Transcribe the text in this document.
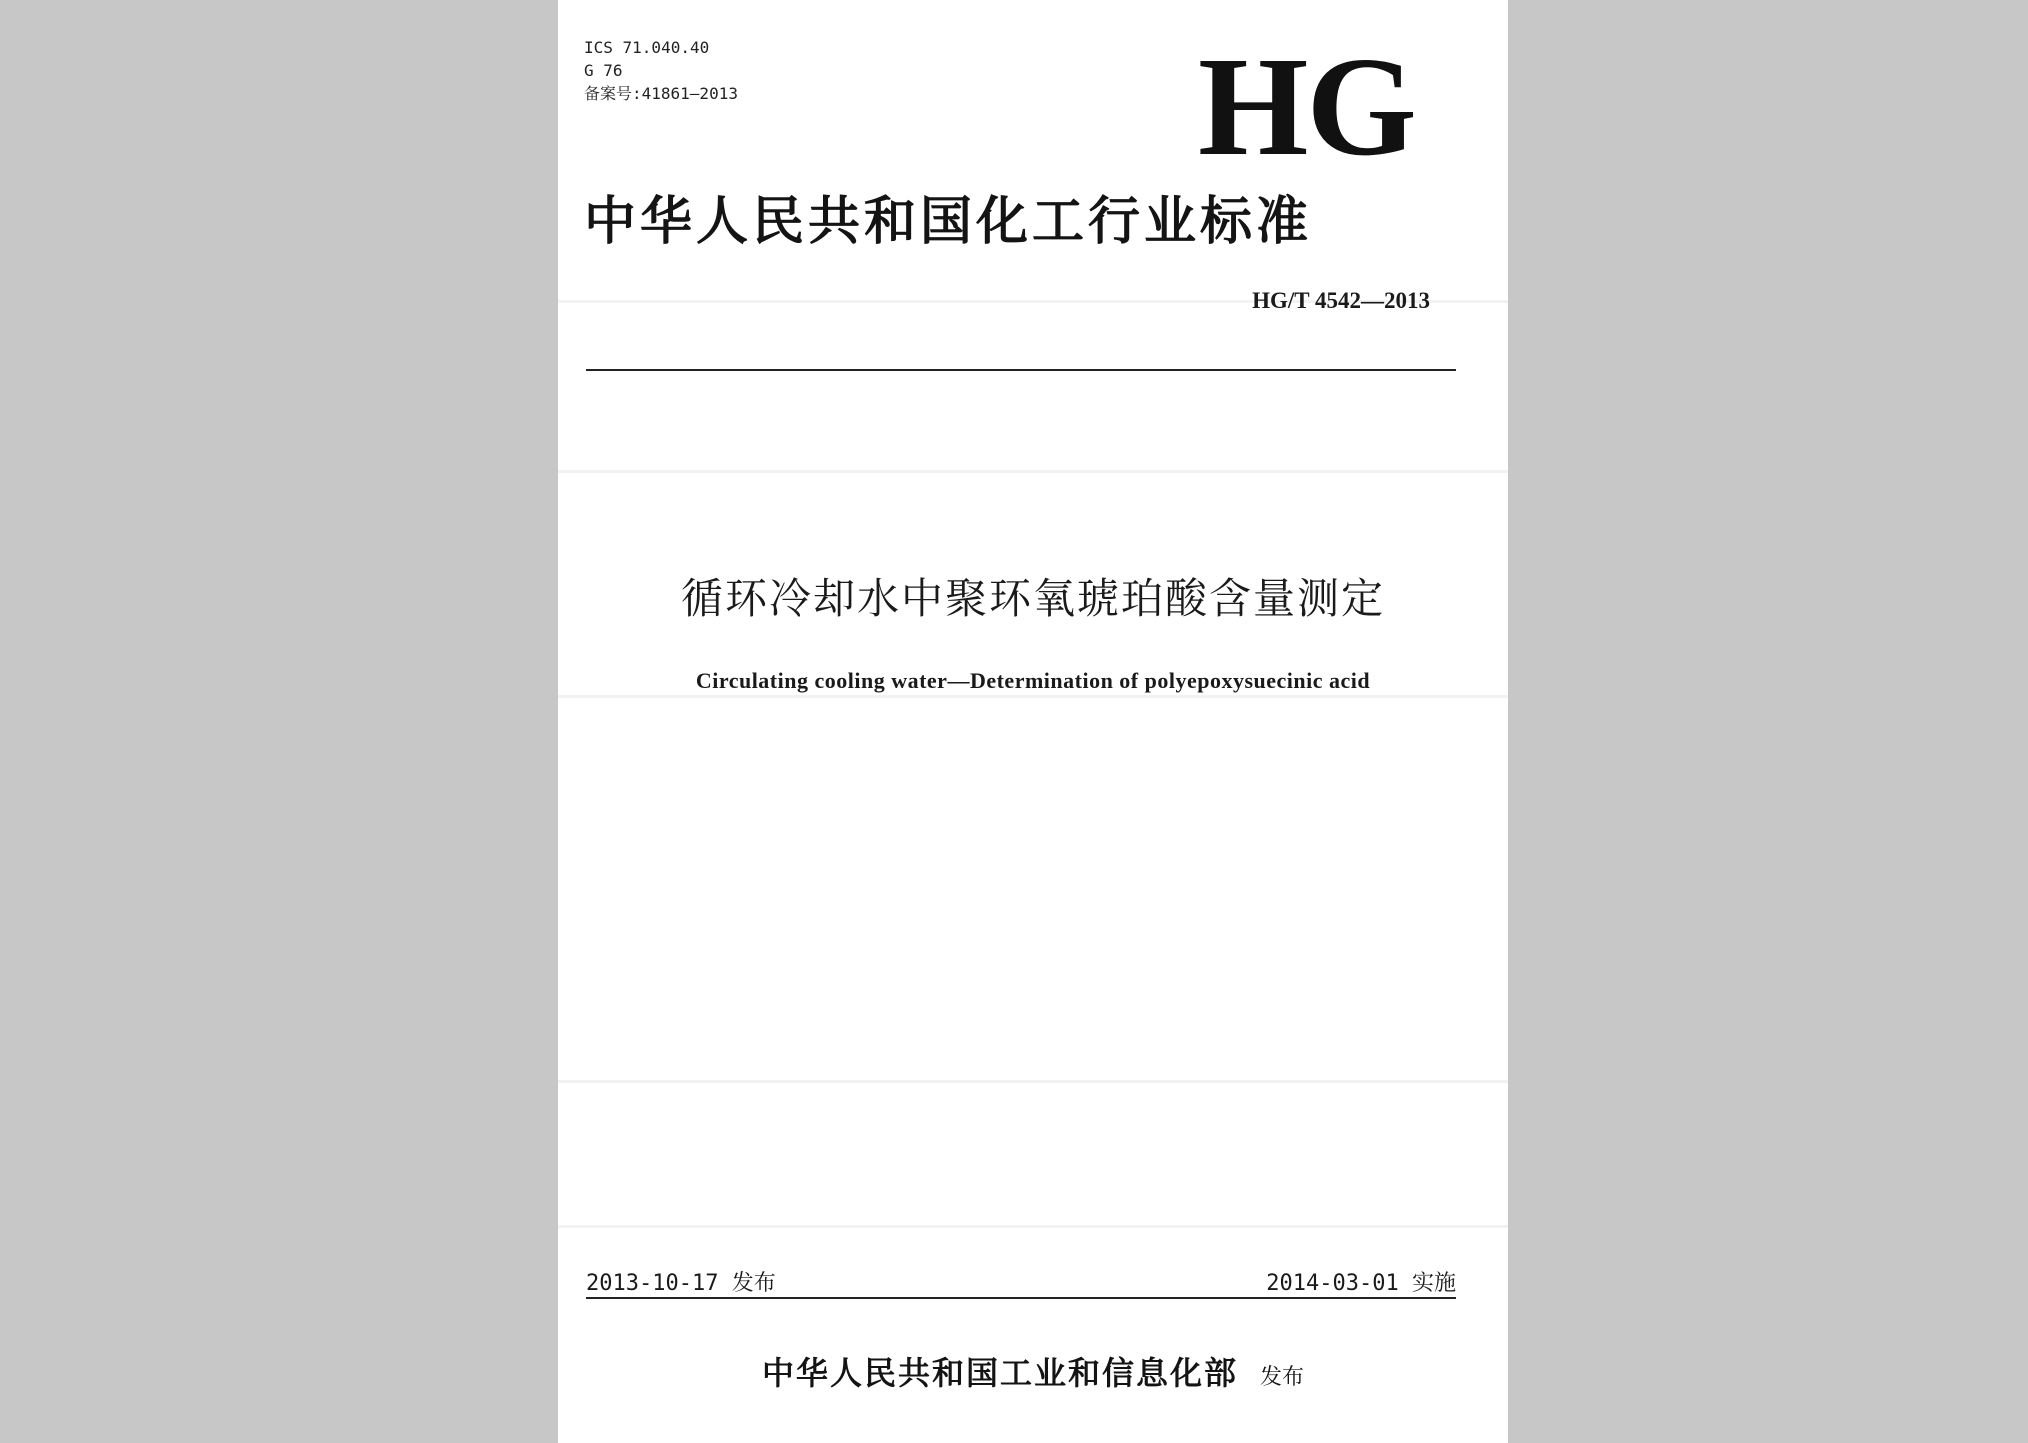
ICS 71.040.40
G 76
备案号:41861—2013	HG
中华人民共和国化工行业标准
HG/T 4542—2013
循环冷却水中聚环氧琥珀酸含量测定
Circulating cooling water—Determination of polyepoxysuecinic acid
2013-10-17 发布	2014-03-01 实施
中华人民共和国工业和信息化部 发布
